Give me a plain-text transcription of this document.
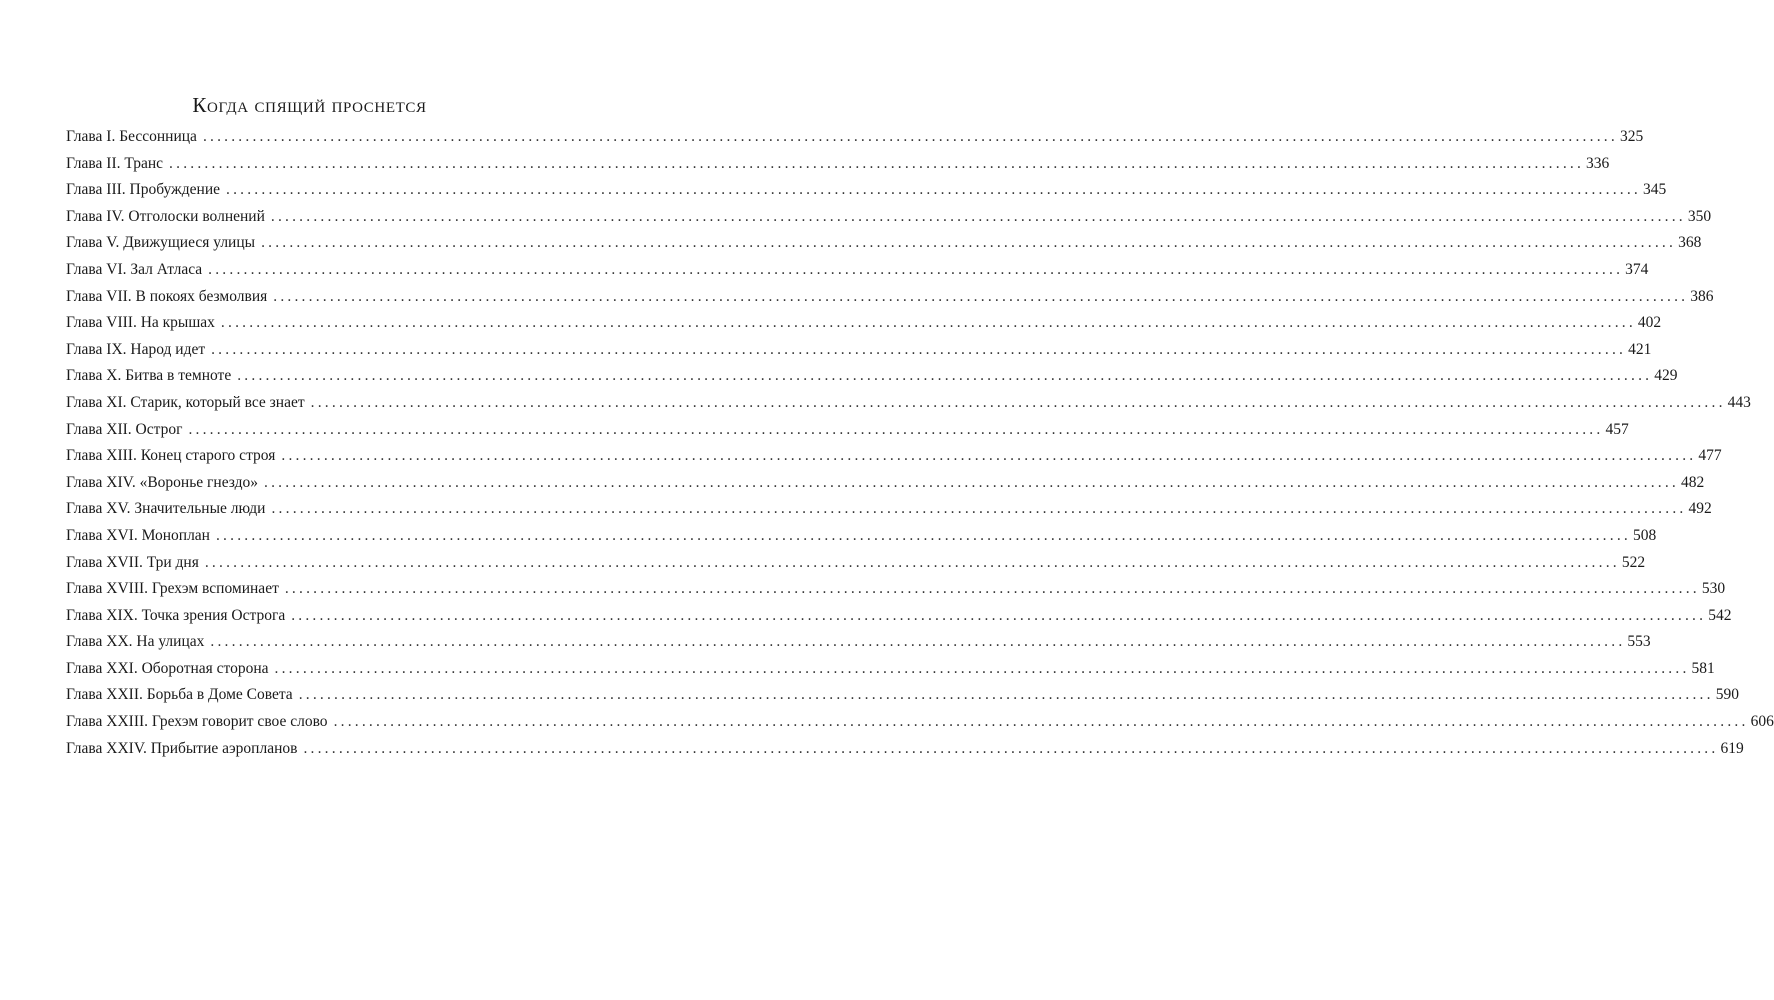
Когда спящий проснется
Глава I. Бессонница ........................................................................................................................................................................................................ 325
Глава II. Транс ........................................................................................................................................................................................................ 336
Глава III. Пробуждение ........................................................................................................................................................................................................ 345
Глава IV. Отголоски волнений ........................................................................................................................................................................................................ 350
Глава V. Движущиеся улицы ........................................................................................................................................................................................................ 368
Глава VI. Зал Атласа ........................................................................................................................................................................................................ 374
Глава VII. В покоях безмолвия ........................................................................................................................................................................................................ 386
Глава VIII. На крышах ........................................................................................................................................................................................................ 402
Глава IX. Народ идет ........................................................................................................................................................................................................ 421
Глава X. Битва в темноте ........................................................................................................................................................................................................ 429
Глава XI. Старик, который все знает ........................................................................................................................................................................................................ 443
Глава XII. Острог ........................................................................................................................................................................................................ 457
Глава XIII. Конец старого строя ........................................................................................................................................................................................................ 477
Глава XIV. «Воронье гнездо» ........................................................................................................................................................................................................ 482
Глава XV. Значительные люди ........................................................................................................................................................................................................ 492
Глава XVI. Моноплан ........................................................................................................................................................................................................ 508
Глава XVII. Три дня ........................................................................................................................................................................................................ 522
Глава XVIII. Грехэм вспоминает ........................................................................................................................................................................................................ 530
Глава XIX. Точка зрения Острога ........................................................................................................................................................................................................ 542
Глава XX. На улицах ........................................................................................................................................................................................................ 553
Глава XXI. Оборотная сторона ........................................................................................................................................................................................................ 581
Глава XXII. Борьба в Доме Совета ........................................................................................................................................................................................................ 590
Глава XXIII. Грехэм говорит свое слово ........................................................................................................................................................................................................ 606
Глава XXIV. Прибытие аэропланов ........................................................................................................................................................................................................ 619
